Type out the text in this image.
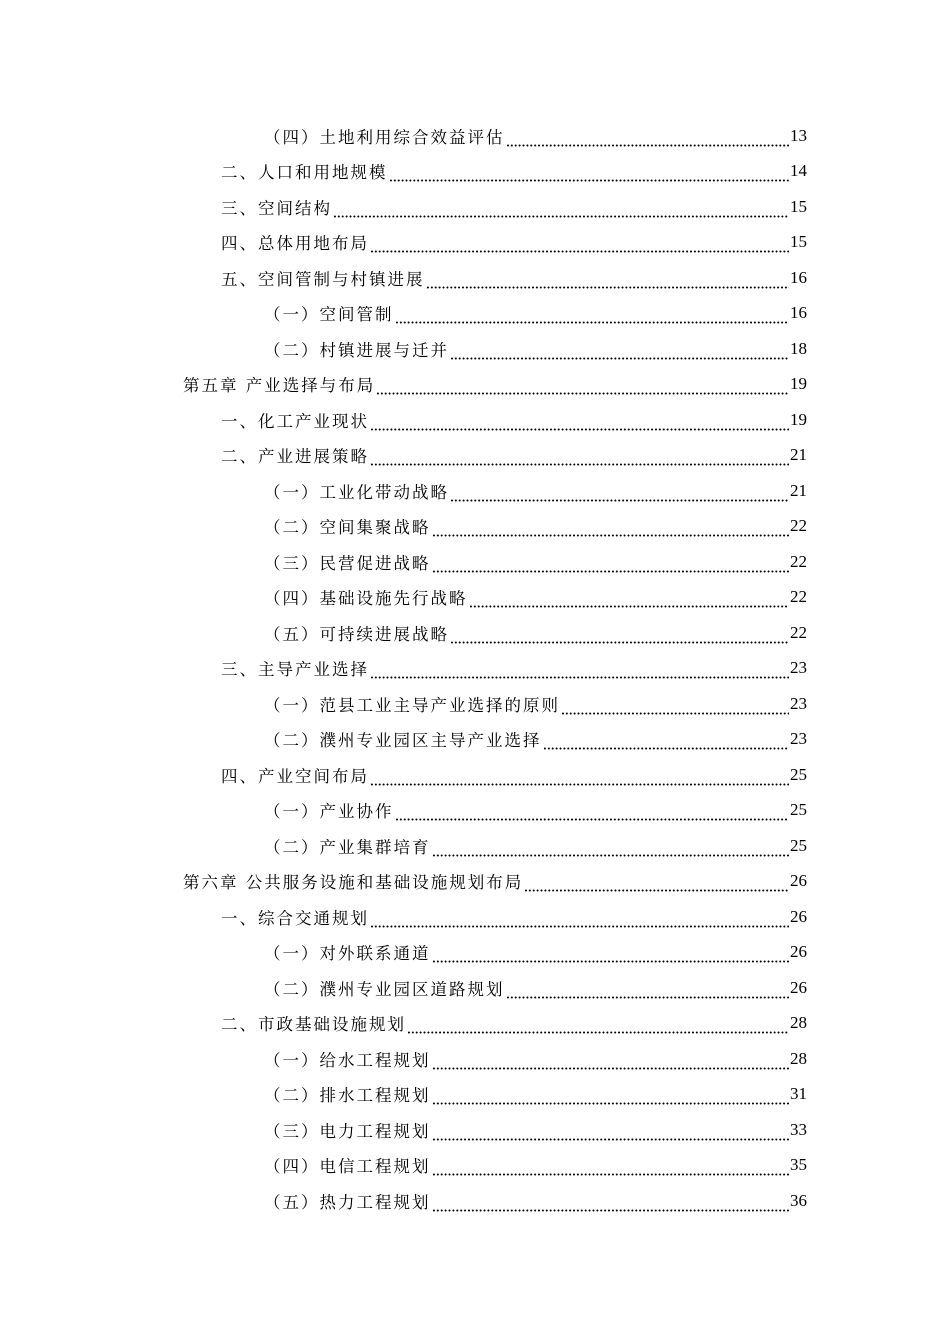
（四）土地利用综合效益评估	13
二、人口和用地规模	14
三、空间结构	15
四、总体用地布局	15
五、空间管制与村镇进展	16
（一）空间管制	16
（二）村镇进展与迁并	18
第五章 产业选择与布局	19
一、化工产业现状	19
二、产业进展策略	21
（一）工业化带动战略	21
（二）空间集聚战略	22
（三）民营促进战略	22
（四）基础设施先行战略	22
（五）可持续进展战略	22
三、主导产业选择	23
（一）范县工业主导产业选择的原则	23
（二）濮州专业园区主导产业选择	23
四、产业空间布局	25
（一）产业协作	25
（二）产业集群培育	25
第六章 公共服务设施和基础设施规划布局	26
一、综合交通规划	26
（一）对外联系通道	26
（二）濮州专业园区道路规划	26
二、市政基础设施规划	28
（一）给水工程规划	28
（二）排水工程规划	31
（三）电力工程规划	33
（四）电信工程规划	35
（五）热力工程规划	36
